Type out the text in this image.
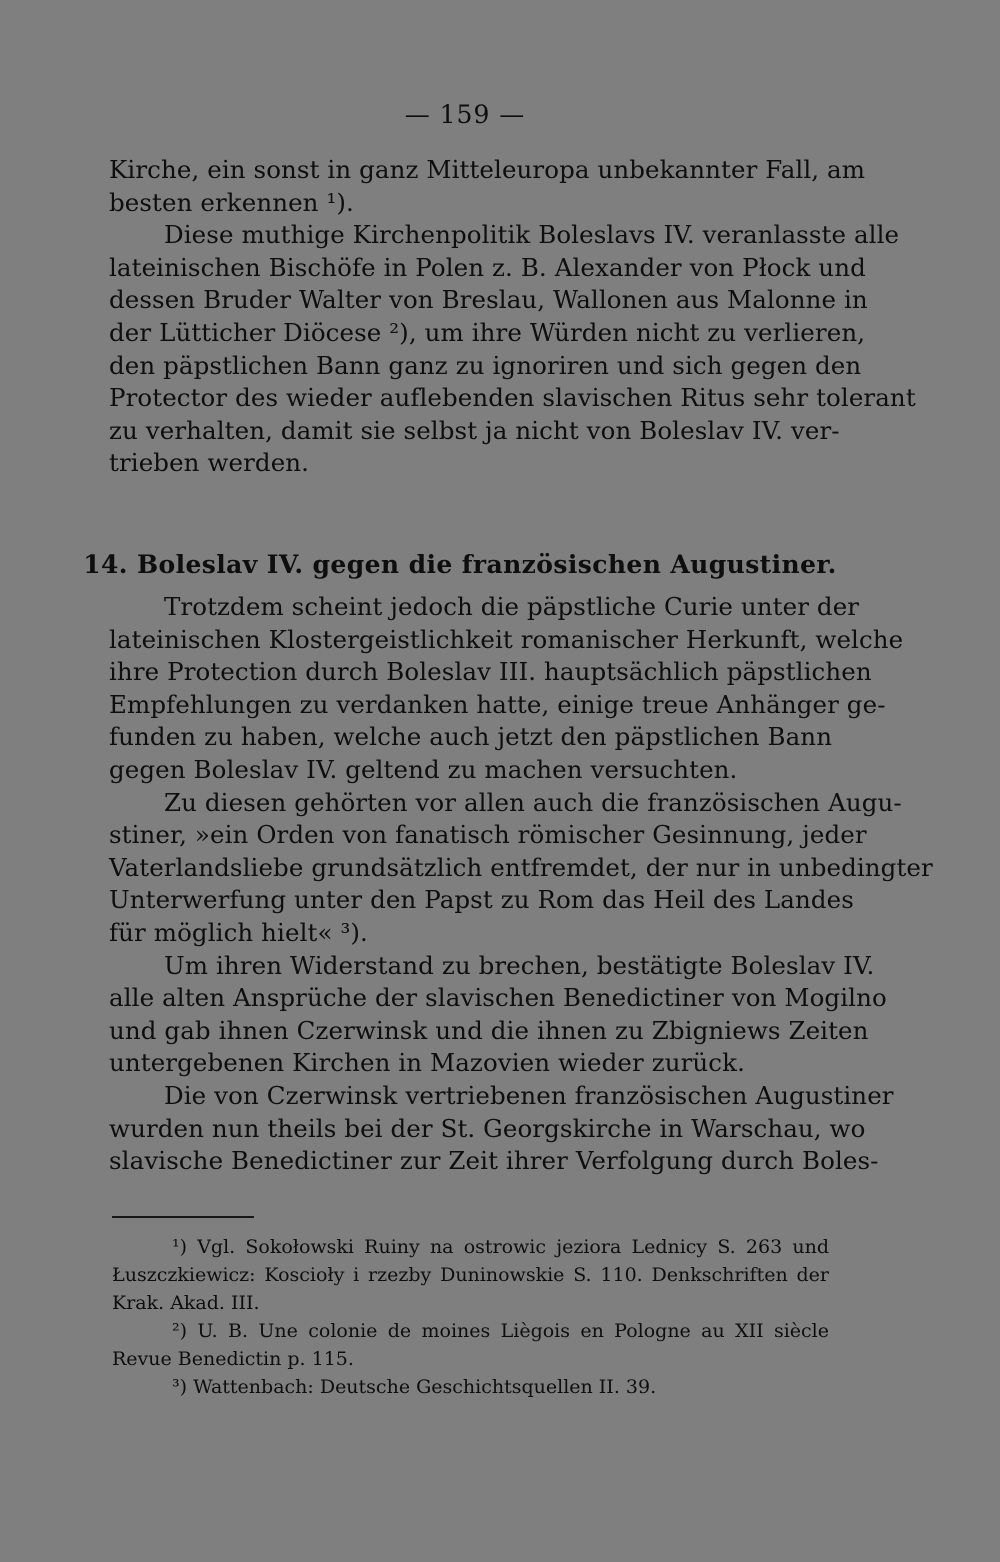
— 159 —
Kirche, ein sonst in ganz Mitteleuropa unbekannter Fall, am
besten erkennen ¹).
Diese muthige Kirchenpolitik Boleslavs IV. veranlasste alle
lateinischen Bischöfe in Polen z. B. Alexander von Płock und
dessen Bruder Walter von Breslau, Wallonen aus Malonne in
der Lütticher Diöcese ²), um ihre Würden nicht zu verlieren,
den päpstlichen Bann ganz zu ignoriren und sich gegen den
Protector des wieder auflebenden slavischen Ritus sehr tolerant
zu verhalten, damit sie selbst ja nicht von Boleslav IV. ver-
trieben werden.
14. Boleslav IV. gegen die französischen Augustiner.
Trotzdem scheint jedoch die päpstliche Curie unter der
lateinischen Klostergeistlichkeit romanischer Herkunft, welche
ihre Protection durch Boleslav III. hauptsächlich päpstlichen
Empfehlungen zu verdanken hatte, einige treue Anhänger ge-
funden zu haben, welche auch jetzt den päpstlichen Bann
gegen Boleslav IV. geltend zu machen versuchten.
Zu diesen gehörten vor allen auch die französischen Augu-
stiner, »ein Orden von fanatisch römischer Gesinnung, jeder
Vaterlandsliebe grundsätzlich entfremdet, der nur in unbedingter
Unterwerfung unter den Papst zu Rom das Heil des Landes
für möglich hielt« ³).
Um ihren Widerstand zu brechen, bestätigte Boleslav IV.
alle alten Ansprüche der slavischen Benedictiner von Mogilno
und gab ihnen Czerwinsk und die ihnen zu Zbigniews Zeiten
untergebenen Kirchen in Mazovien wieder zurück.
Die von Czerwinsk vertriebenen französischen Augustiner
wurden nun theils bei der St. Georgskirche in Warschau, wo
slavische Benedictiner zur Zeit ihrer Verfolgung durch Boles-
¹) Vgl. Sokołowski Ruiny na ostrowic jeziora Lednicy S. 263 und
Łuszczkiewicz: Koscioły i rzezby Duninowskie S. 110. Denkschriften der
Krak. Akad. III.
²) U. B. Une colonie de moines Liègois en Pologne au XII siècle
Revue Benedictin p. 115.
³) Wattenbach: Deutsche Geschichtsquellen II. 39.
